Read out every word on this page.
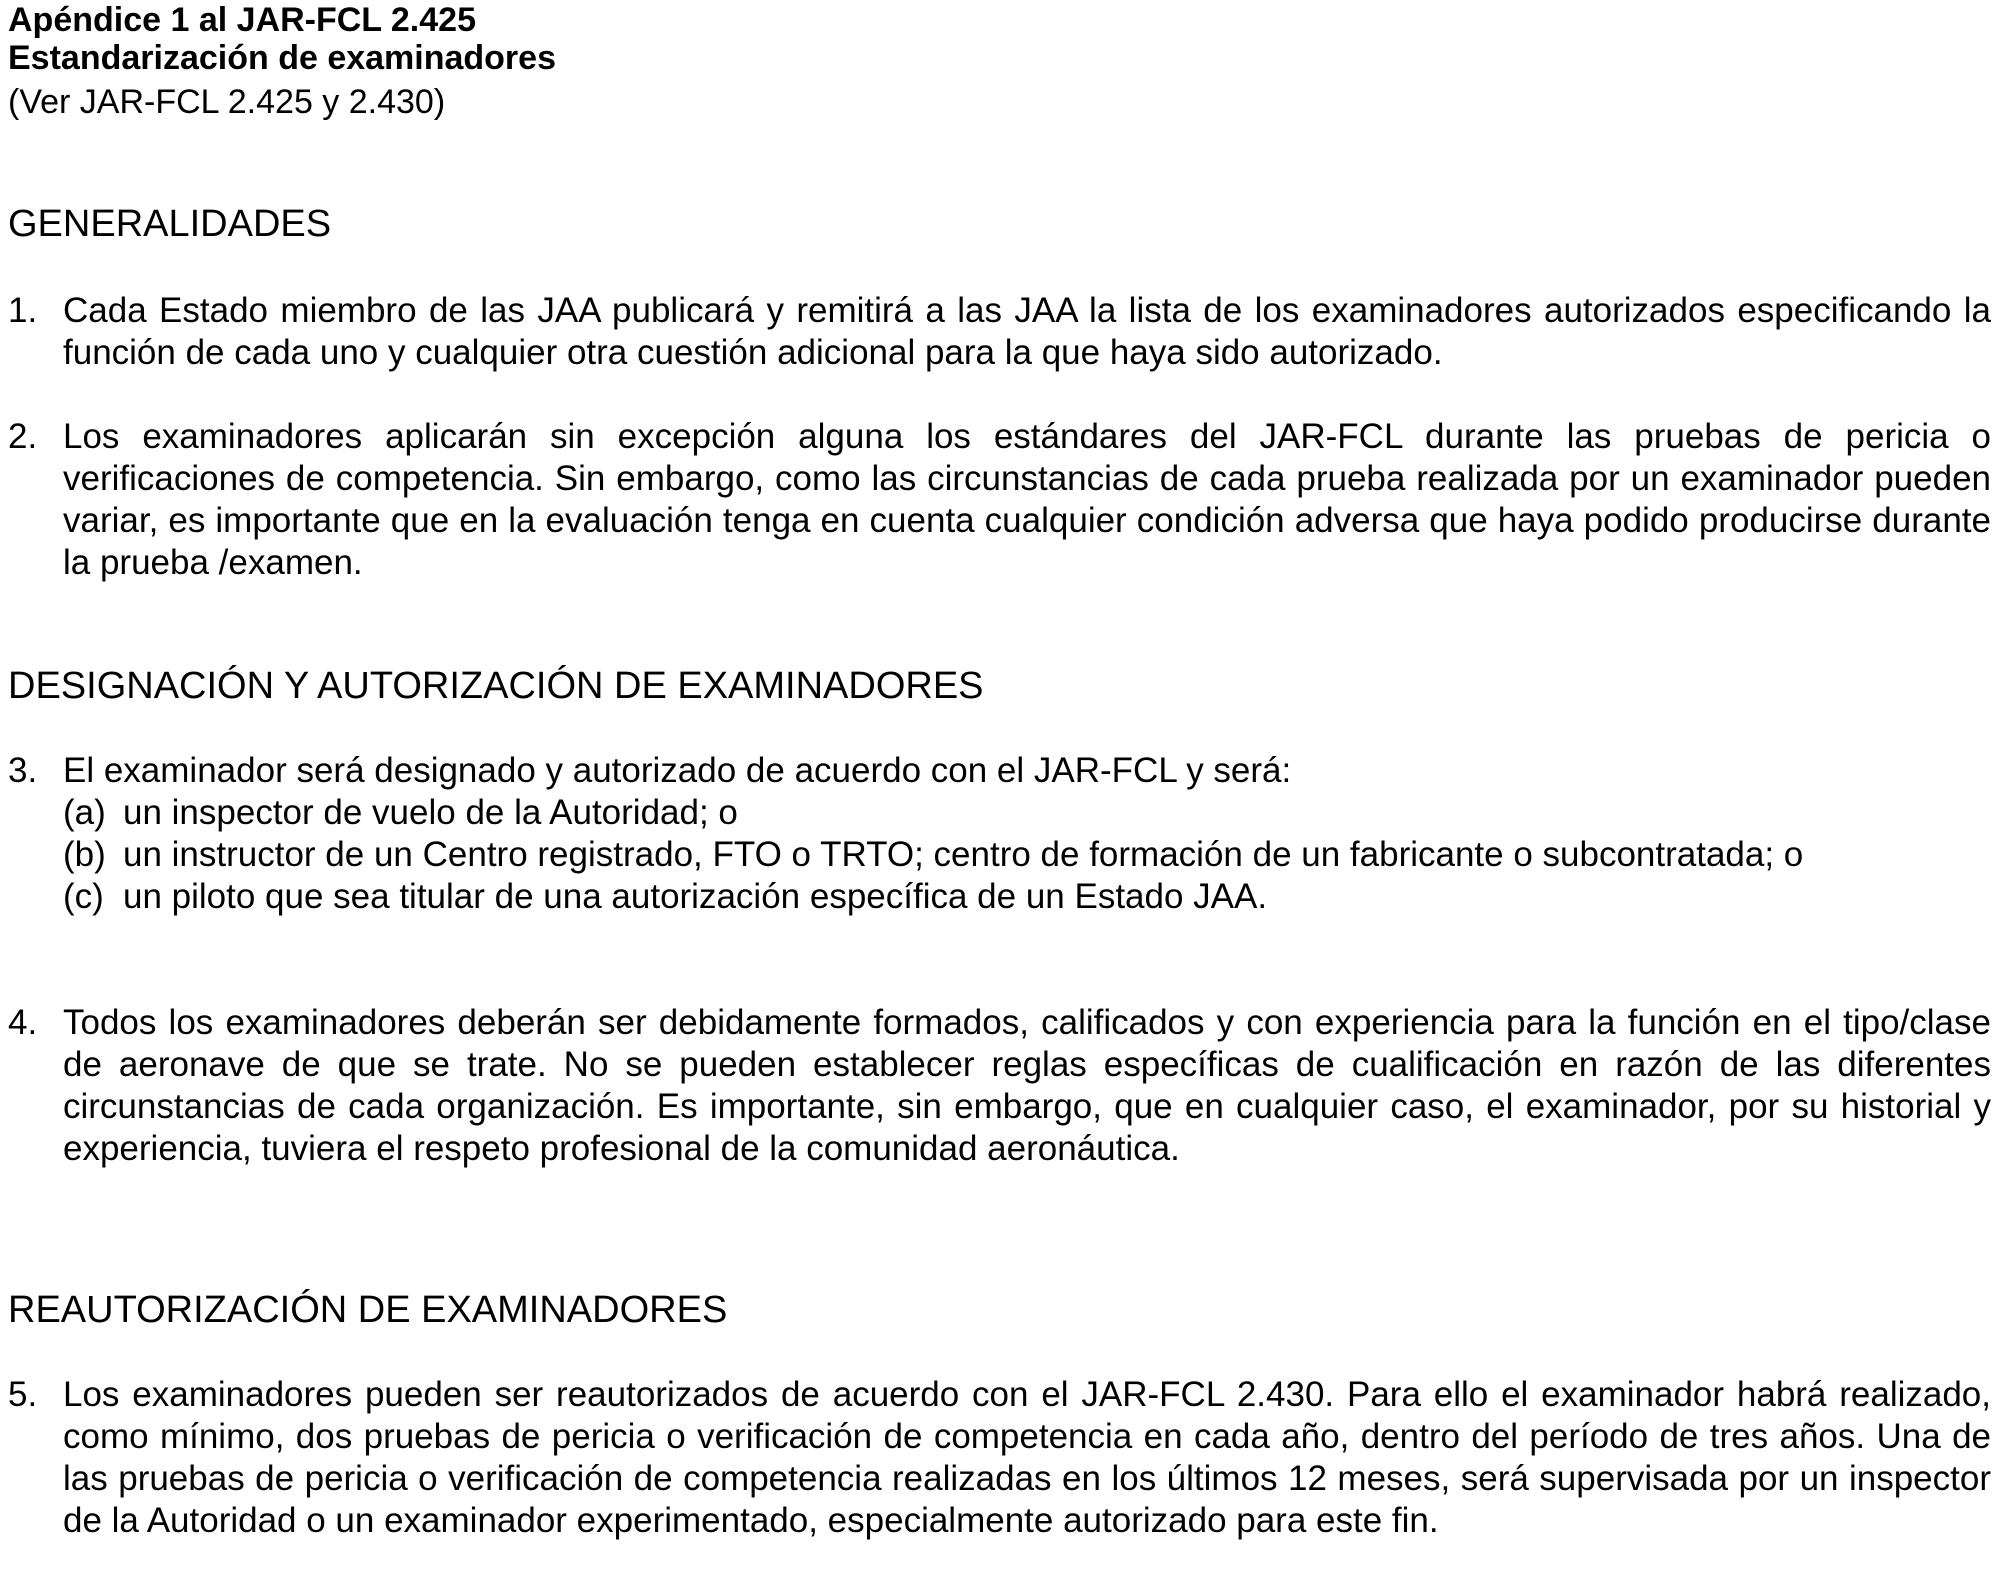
Apéndice 1 al JAR-FCL 2.425

Estandarización de examinadores

(Ver JAR-FCL 2.425 y 2.430)

GENERALIDADES
1. Cada Estado miembro de las JAA publicará y remitirá a las JAA la lista de los examinadores autorizados especificando la función de cada uno y cualquier otra cuestión adicional para la que haya sido autorizado.
2. Los examinadores aplicarán sin excepción alguna los estándares del JAR-FCL durante las pruebas de pericia o verificaciones de competencia. Sin embargo, como las circunstancias de cada prueba realizada por un examinador pueden variar, es importante que en la evaluación tenga en cuenta cualquier condición adversa que haya podido producirse durante la prueba /examen.
DESIGNACIÓN Y AUTORIZACIÓN DE EXAMINADORES
3. El examinador será designado y autorizado de acuerdo con el JAR-FCL y será:
(a) un inspector de vuelo de la Autoridad; o
(b) un instructor de un Centro registrado, FTO o TRTO; centro de formación de un fabricante o subcontratada; o
(c) un piloto que sea titular de una autorización específica de un Estado JAA.
4. Todos los examinadores deberán ser debidamente formados, calificados y con experiencia para la función en el tipo/clase de aeronave de que se trate. No se pueden establecer reglas específicas de cualificación en razón de las diferentes circunstancias de cada organización. Es importante, sin embargo, que en cualquier caso, el examinador, por su historial y experiencia, tuviera el respeto profesional de la comunidad aeronáutica.
REAUTORIZACIÓN DE EXAMINADORES
5. Los examinadores pueden ser reautorizados de acuerdo con el JAR-FCL 2.430. Para ello el examinador habrá realizado, como mínimo, dos pruebas de pericia o verificación de competencia en cada año, dentro del período de tres años. Una de las pruebas de pericia o verificación de competencia realizadas en los últimos 12 meses, será supervisada por un inspector de la Autoridad o un examinador experimentado, especialmente autorizado para este fin.
